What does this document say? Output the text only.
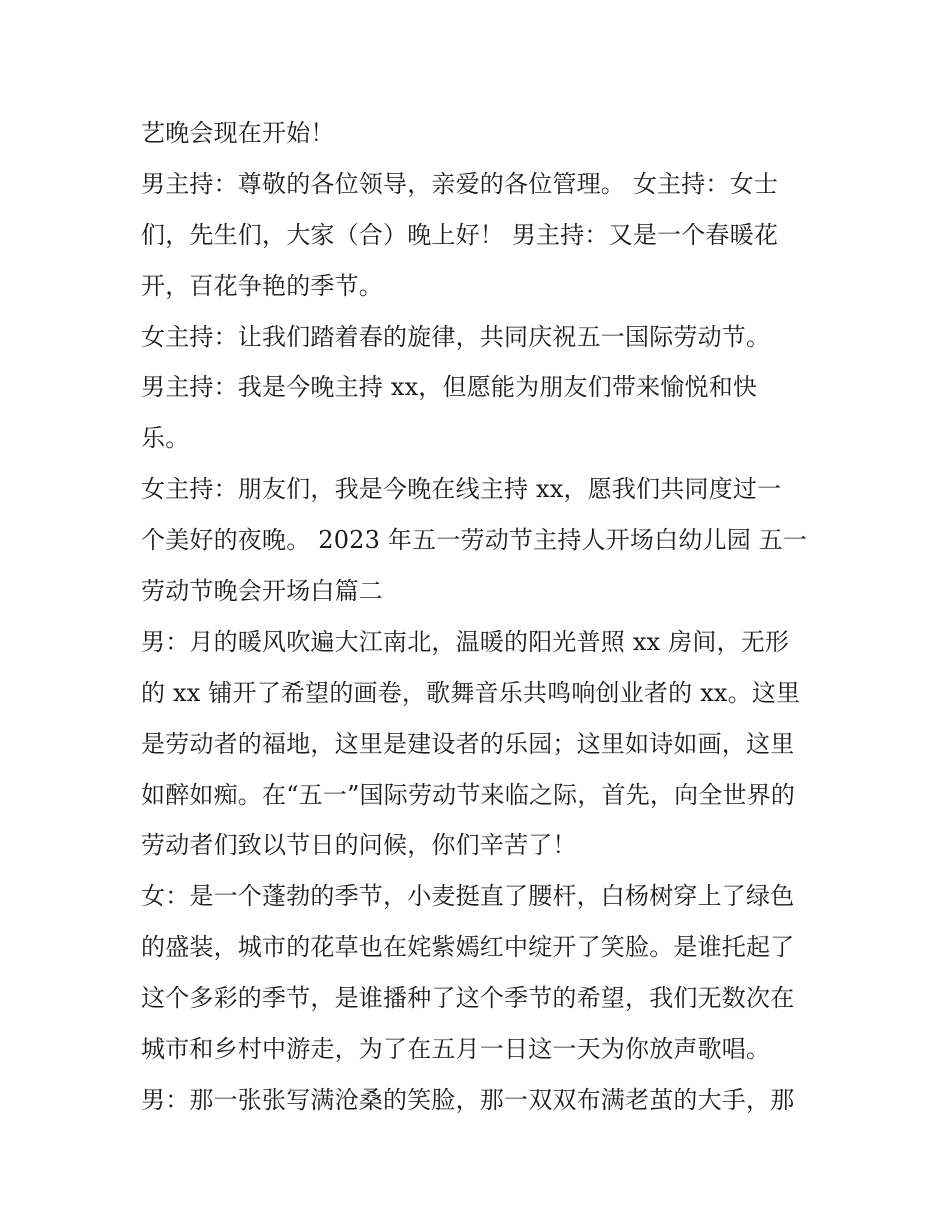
艺晚会现在开始！
男主持：尊敬的各位领导，亲爱的各位管理。 女主持：女士
们，先生们，大家（合）晚上好！ 男主持：又是一个春暖花
开，百花争艳的季节。
女主持：让我们踏着春的旋律，共同庆祝五一国际劳动节。
男主持：我是今晚主持 xx，但愿能为朋友们带来愉悦和快
乐。
女主持：朋友们，我是今晚在线主持 xx，愿我们共同度过一
个美好的夜晚。 2023 年五一劳动节主持人开场白幼儿园 五一
劳动节晚会开场白篇二
男：月的暖风吹遍大江南北，温暖的阳光普照 xx 房间，无形
的 xx 铺开了希望的画卷，歌舞音乐共鸣响创业者的 xx。这里
是劳动者的福地，这里是建设者的乐园；这里如诗如画，这里
如醉如痴。在“五一”国际劳动节来临之际，首先，向全世界的
劳动者们致以节日的问候，你们辛苦了！
女：是一个蓬勃的季节，小麦挺直了腰杆，白杨树穿上了绿色
的盛装，城市的花草也在姹紫嫣红中绽开了笑脸。是谁托起了
这个多彩的季节，是谁播种了这个季节的希望，我们无数次在
城市和乡村中游走，为了在五月一日这一天为你放声歌唱。
男：那一张张写满沧桑的笑脸，那一双双布满老茧的大手，那
